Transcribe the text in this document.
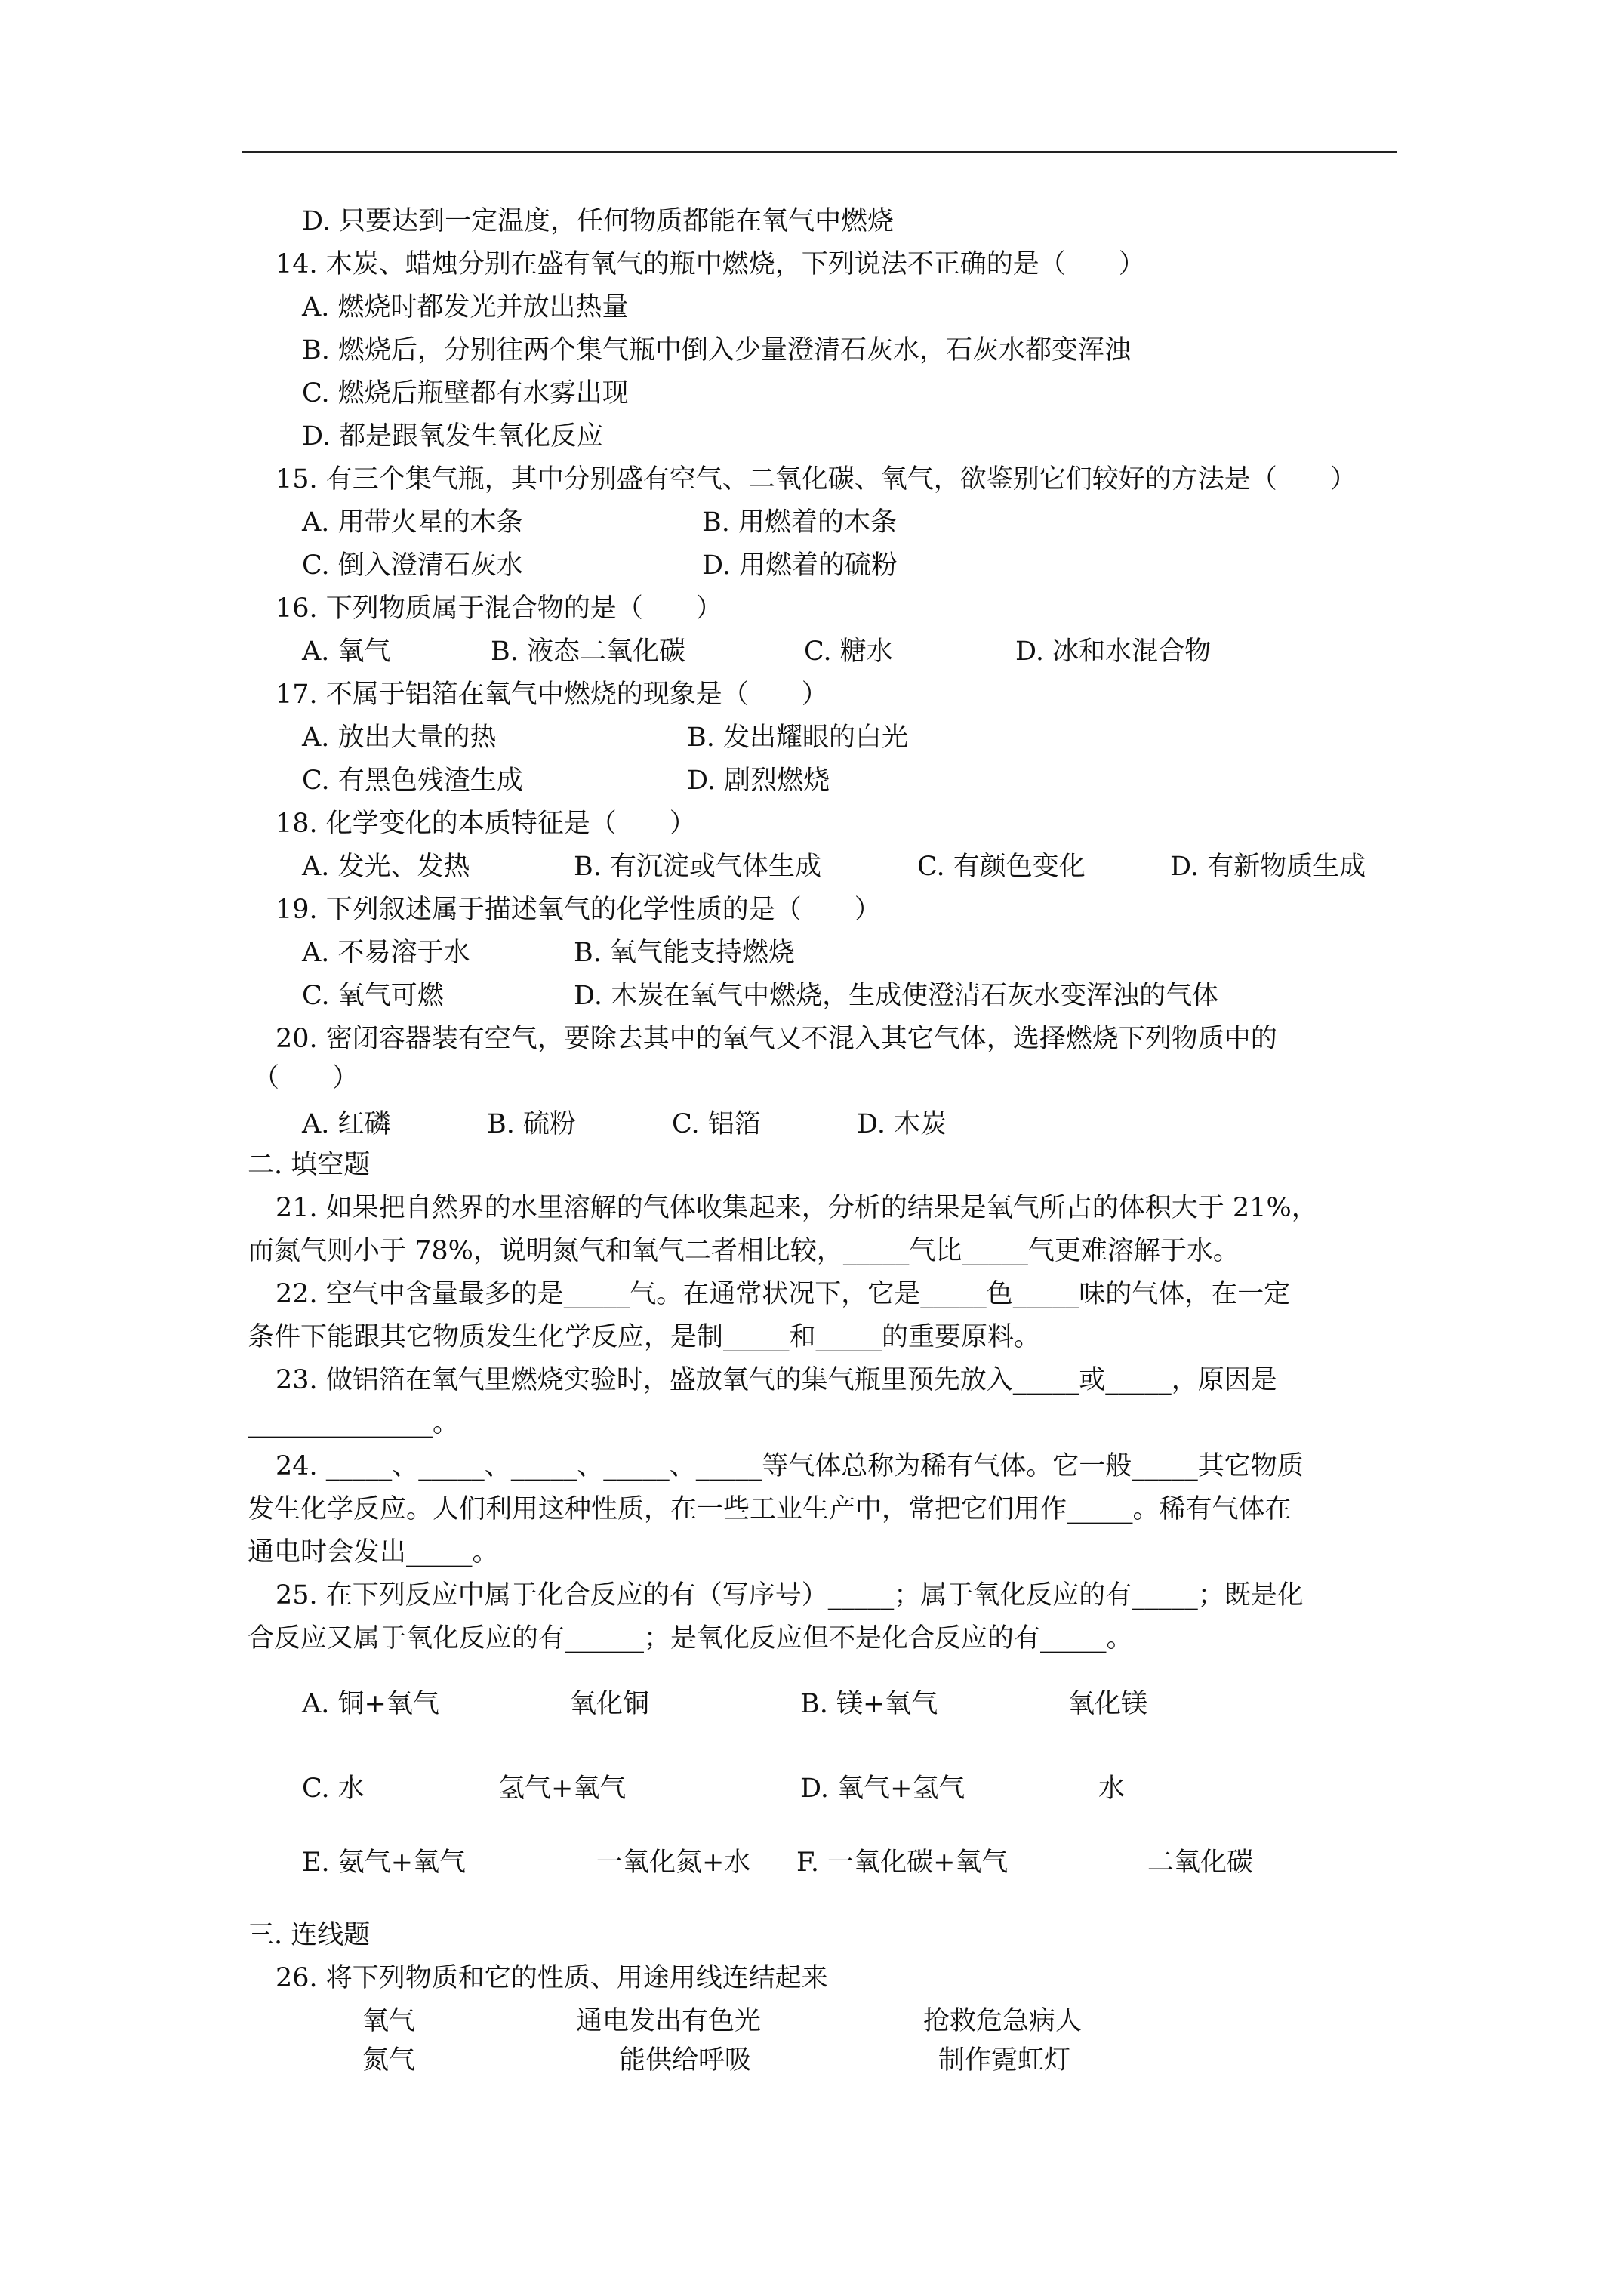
D. 只要达到一定温度，任何物质都能在氧气中燃烧
14. 木炭、蜡烛分别在盛有氧气的瓶中燃烧，下列说法不正确的是（　　）
A. 燃烧时都发光并放出热量
B. 燃烧后，分别往两个集气瓶中倒入少量澄清石灰水，石灰水都变浑浊
C. 燃烧后瓶壁都有水雾出现
D. 都是跟氧发生氧化反应
15. 有三个集气瓶，其中分别盛有空气、二氧化碳、氧气，欲鉴别它们较好的方法是（　　）
A. 用带火星的木条	B. 用燃着的木条
C. 倒入澄清石灰水	D. 用燃着的硫粉
16. 下列物质属于混合物的是（　　）
A. 氧气	B. 液态二氧化碳	C. 糖水	D. 冰和水混合物
17. 不属于铝箔在氧气中燃烧的现象是（　　）
A. 放出大量的热	B. 发出耀眼的白光
C. 有黑色残渣生成	D. 剧烈燃烧
18. 化学变化的本质特征是（　　）
A. 发光、发热	B. 有沉淀或气体生成	C. 有颜色变化	D. 有新物质生成
19. 下列叙述属于描述氧气的化学性质的是（　　）
A. 不易溶于水	B. 氧气能支持燃烧
C. 氧气可燃	D. 木炭在氧气中燃烧，生成使澄清石灰水变浑浊的气体
20. 密闭容器装有空气，要除去其中的氧气又不混入其它气体，选择燃烧下列物质中的
（　　）
A. 红磷	B. 硫粉	C. 铝箔	D. 木炭
二. 填空题
21. 如果把自然界的水里溶解的气体收集起来，分析的结果是氧气所占的体积大于 21%，
而氮气则小于 78%，说明氮气和氧气二者相比较，_____气比_____气更难溶解于水。
22. 空气中含量最多的是_____气。在通常状况下，它是_____色_____味的气体，在一定
条件下能跟其它物质发生化学反应，是制_____和_____的重要原料。
23. 做铝箔在氧气里燃烧实验时，盛放氧气的集气瓶里预先放入_____或_____，原因是
______________。
24. _____、_____、_____、_____、_____等气体总称为稀有气体。它一般_____其它物质
发生化学反应。人们利用这种性质，在一些工业生产中，常把它们用作_____。稀有气体在
通电时会发出_____。
25. 在下列反应中属于化合反应的有（写序号）_____；属于氧化反应的有_____；既是化
合反应又属于氧化反应的有______；是氧化反应但不是化合反应的有_____。
A. 铜+氧气	氧化铜	B. 镁+氧气	氧化镁
C. 水	氢气+氧气	D. 氧气+氢气	水
E. 氨气+氧气	一氧化氮+水 F. 一氧化碳+氧气	二氧化碳
三. 连线题
26. 将下列物质和它的性质、用途用线连结起来
氧气	通电发出有色光	抢救危急病人
氮气	能供给呼吸	制作霓虹灯
